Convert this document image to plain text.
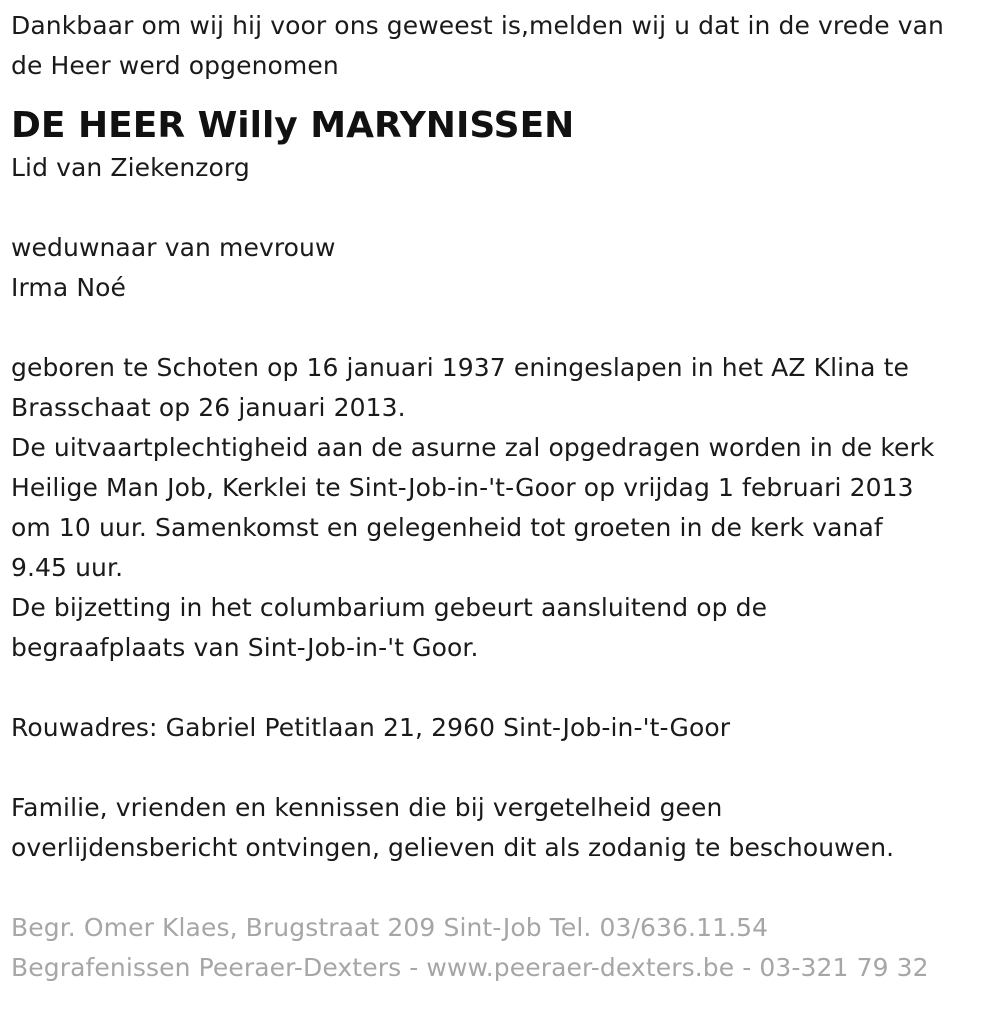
Dankbaar om wij hij voor ons geweest is,melden wij u dat in de vrede van
de Heer werd opgenomen
DE HEER Willy MARYNISSEN
Lid van Ziekenzorg
weduwnaar van mevrouw
Irma Noé
geboren te Schoten op 16 januari 1937 eningeslapen in het AZ Klina te
Brasschaat op 26 januari 2013.
De uitvaartplechtigheid aan de asurne zal opgedragen worden in de kerk
Heilige Man Job, Kerklei te Sint-Job-in-'t-Goor op vrijdag 1 februari 2013
om 10 uur. Samenkomst en gelegenheid tot groeten in de kerk vanaf
9.45 uur.
De bijzetting in het columbarium gebeurt aansluitend op de
begraafplaats van Sint-Job-in-'t Goor.
Rouwadres: Gabriel Petitlaan 21, 2960 Sint-Job-in-'t-Goor
Familie, vrienden en kennissen die bij vergetelheid geen
overlijdensbericht ontvingen, gelieven dit als zodanig te beschouwen.
Begr. Omer Klaes, Brugstraat 209 Sint-Job Tel. 03/636.11.54
Begrafenissen Peeraer-Dexters - www.peeraer-dexters.be - 03-321 79 32
